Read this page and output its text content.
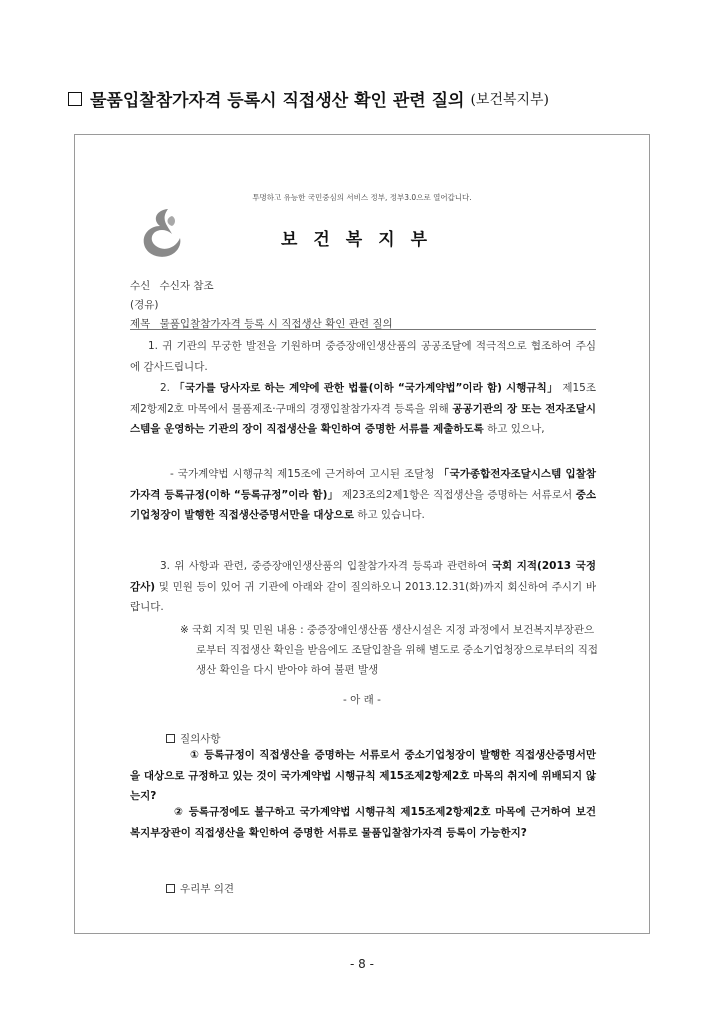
물품입찰참가자격 등록시 직접생산 확인 관련 질의 (보건복지부)
투명하고 유능한 국민중심의 서비스 정부, 정부3.0으로 열어갑니다.
보건복지부
수신 수신자 참조
(경유)
제목 물품입찰참가자격 등록 시 직접생산 확인 관련 질의

1. 귀 기관의 무궁한 발전을 기원하며 중증장애인생산품의 공공조달에 적극적으로 협조하여 주심에 감사드립니다.

2. 「국가를 당사자로 하는 계약에 관한 법률(이하 “국가계약법”이라 함) 시행규칙」 제15조제2항제2호 마목에서 물품제조·구매의 경쟁입찰참가자격 등록을 위해 공공기관의 장 또는 전자조달시스템을 운영하는 기관의 장이 직접생산을 확인하여 증명한 서류를 제출하도록 하고 있으나,

- 국가계약법 시행규칙 제15조에 근거하여 고시된 조달청 「국가종합전자조달시스템 입찰참가자격 등록규정(이하 “등록규정”이라 함)」 제23조의2제1항은 직접생산을 증명하는 서류로서 중소기업청장이 발행한 직접생산증명서만을 대상으로 하고 있습니다.

3. 위 사항과 관련, 중증장애인생산품의 입찰참가자격 등록과 관련하여 국회 지적(2013 국정감사) 및 민원 등이 있어 귀 기관에 아래와 같이 질의하오니 2013.12.31(화)까지 회신하여 주시기 바랍니다.

※ 국회 지적 및 민원 내용 : 중증장애인생산품 생산시설은 지정 과정에서 보건복지부장관으로부터 직접생산 확인을 받음에도 조달입찰을 위해 별도로 중소기업청장으로부터의 직접생산 확인을 다시 받아야 하여 불편 발생

- 아 래 -
질의사항

① 등록규정이 직접생산을 증명하는 서류로서 중소기업청장이 발행한 직접생산증명서만을 대상으로 규정하고 있는 것이 국가계약법 시행규칙 제15조제2항제2호 마목의 취지에 위배되지 않는지?

② 등록규정에도 불구하고 국가계약법 시행규칙 제15조제2항제2호 마목에 근거하여 보건복지부장관이 직접생산을 확인하여 증명한 서류로 물품입찰참가자격 등록이 가능한지?

우리부 의견
- 8 -
